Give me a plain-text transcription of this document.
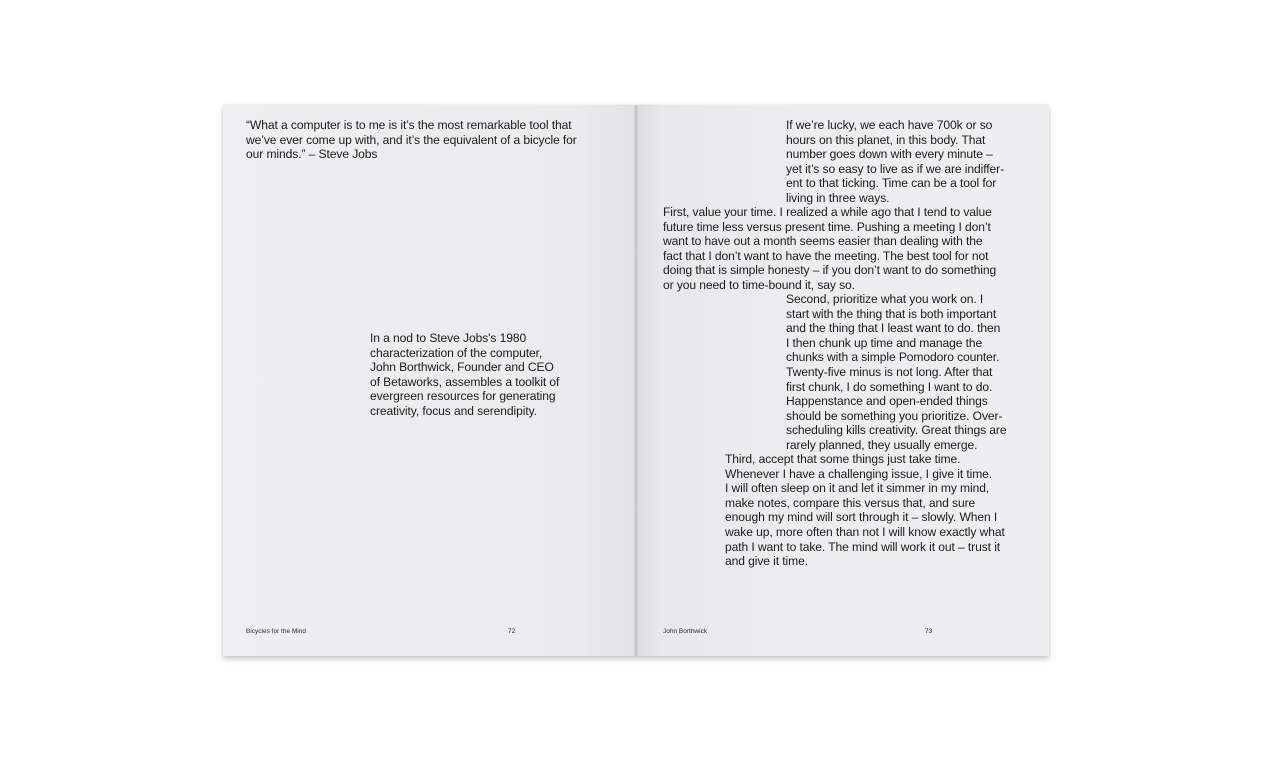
“What a computer is to me is it’s the most remarkable tool that
we’ve ever come up with, and it’s the equivalent of a bicycle for
our minds.” – Steve Jobs

In a nod to Steve Jobs's 1980
characterization of the computer,
John Borthwick, Founder and CEO
of Betaworks, assembles a toolkit of
evergreen resources for generating
creativity, focus and serendipity.

Bicycles for the Mind	72

If we’re lucky, we each have 700k or so
hours on this planet, in this body. That
number goes down with every minute –
yet it’s so easy to live as if we are indiffer-
ent to that ticking. Time can be a tool for
living in three ways.

First, value your time. I realized a while ago that I tend to value
future time less versus present time. Pushing a meeting I don’t
want to have out a month seems easier than dealing with the
fact that I don’t want to have the meeting. The best tool for not
doing that is simple honesty – if you don’t want to do something
or you need to time-bound it, say so.

Second, prioritize what you work on. I
start with the thing that is both important
and the thing that I least want to do. then
I then chunk up time and manage the
chunks with a simple Pomodoro counter.
Twenty-five minus is not long. After that
first chunk, I do something I want to do.
Happenstance and open-ended things
should be something you prioritize. Over-
scheduling kills creativity. Great things are
rarely planned, they usually emerge.

Third, accept that some things just take time.
Whenever I have a challenging issue, I give it time.
I will often sleep on it and let it simmer in my mind,
make notes, compare this versus that, and sure
enough my mind will sort through it – slowly. When I
wake up, more often than not I will know exactly what
path I want to take. The mind will work it out – trust it
and give it time.

John Borthwick	73
